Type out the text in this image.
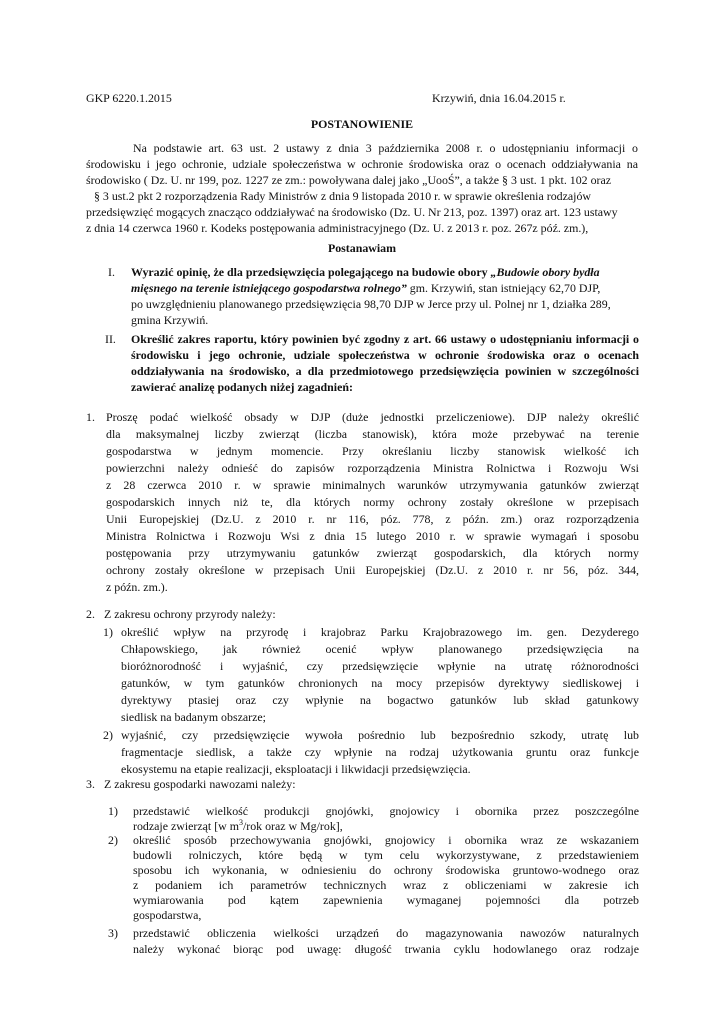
GKP 6220.1.2015	Krzywiń, dnia 16.04.2015 r.
POSTANOWIENIE
Na podstawie art. 63 ust. 2 ustawy z dnia 3 października 2008 r. o udostępnianiu informacji o
środowisku i jego ochronie, udziale społeczeństwa w ochronie środowiska oraz o ocenach oddziaływania na
środowisko ( Dz. U. nr 199, poz. 1227 ze zm.: powoływana dalej jako „UooŚ”, a także § 3 ust. 1 pkt. 102 oraz
§ 3 ust.2 pkt 2 rozporządzenia Rady Ministrów z dnia 9 listopada 2010 r. w sprawie określenia rodzajów
przedsięwzięć mogących znacząco oddziaływać na środowisko (Dz. U. Nr 213, poz. 1397) oraz art. 123 ustawy
z dnia 14 czerwca 1960 r. Kodeks postępowania administracyjnego (Dz. U. z 2013 r. poz. 267z póź. zm.),
Postanawiam
I. Wyrazić opinię, że dla przedsięwzięcia polegającego na budowie obory „Budowie obory bydła
mięsnego na terenie istniejącego gospodarstwa rolnego” gm. Krzywiń, stan istniejący 62,70 DJP,
po uwzględnieniu planowanego przedsięwzięcia 98,70 DJP w Jerce przy ul. Polnej nr 1, działka 289,
gmina Krzywiń.
II. Określić zakres raportu, który powinien być zgodny z art. 66 ustawy o udostępnianiu informacji o
środowisku i jego ochronie, udziale społeczeństwa w ochronie środowiska oraz o ocenach
oddziaływania na środowisko, a dla przedmiotowego przedsięwzięcia powinien w szczególności
zawierać analizę podanych niżej zagadnień:
1. Proszę podać wielkość obsady w DJP (duże jednostki przeliczeniowe). DJP należy określić
dla maksymalnej liczby zwierząt (liczba stanowisk), która może przebywać na terenie
gospodarstwa w jednym momencie. Przy określaniu liczby stanowisk wielkość ich
powierzchni należy odnieść do zapisów rozporządzenia Ministra Rolnictwa i Rozwoju Wsi
z 28 czerwca 2010 r. w sprawie minimalnych warunków utrzymywania gatunków zwierząt
gospodarskich innych niż te, dla których normy ochrony zostały określone w przepisach
Unii Europejskiej (Dz.U. z 2010 r. nr 116, póz. 778, z późn. zm.) oraz rozporządzenia
Ministra Rolnictwa i Rozwoju Wsi z dnia 15 lutego 2010 r. w sprawie wymagań i sposobu
postępowania przy utrzymywaniu gatunków zwierząt gospodarskich, dla których normy
ochrony zostały określone w przepisach Unii Europejskiej (Dz.U. z 2010 r. nr 56, póz. 344,
z późn. zm.).
2. Z zakresu ochrony przyrody należy:
1) określić wpływ na przyrodę i krajobraz Parku Krajobrazowego im. gen. Dezyderego
Chłapowskiego, jak również ocenić wpływ planowanego przedsięwzięcia na
bioróżnorodność i wyjaśnić, czy przedsięwzięcie wpłynie na utratę różnorodności
gatunków, w tym gatunków chronionych na mocy przepisów dyrektywy siedliskowej i
dyrektywy ptasiej oraz czy wpłynie na bogactwo gatunków lub skład gatunkowy
siedlisk na badanym obszarze;
2) wyjaśnić, czy przedsięwzięcie wywoła pośrednio lub bezpośrednio szkody, utratę lub
fragmentacje siedlisk, a także czy wpłynie na rodzaj użytkowania gruntu oraz funkcje
ekosystemu na etapie realizacji, eksploatacji i likwidacji przedsięwzięcia.
3. Z zakresu gospodarki nawozami należy:
1) przedstawić wielkość produkcji gnojówki, gnojowicy i obornika przez poszczególne
rodzaje zwierząt [w $m^3$/rok oraz w Mg/rok],
2) określić sposób przechowywania gnojówki, gnojowicy i obornika wraz ze wskazaniem
budowli rolniczych, które będą w tym celu wykorzystywane, z przedstawieniem
sposobu ich wykonania, w odniesieniu do ochrony środowiska gruntowo-wodnego oraz
z podaniem ich parametrów technicznych wraz z obliczeniami w zakresie ich
wymiarowania pod kątem zapewnienia wymaganej pojemności dla potrzeb
gospodarstwa,
3) przedstawić obliczenia wielkości urządzeń do magazynowania nawozów naturalnych
należy wykonać biorąc pod uwagę: długość trwania cyklu hodowlanego oraz rodzaje
